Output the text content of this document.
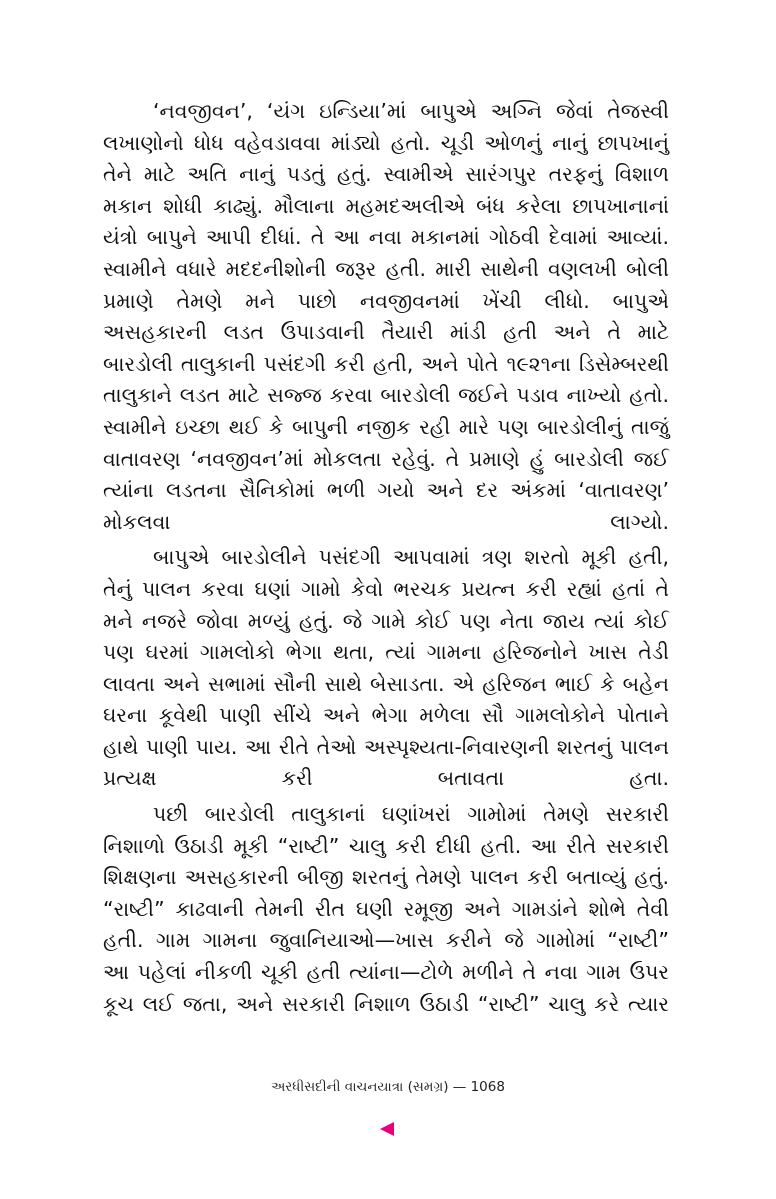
‘નવજીવન’, ‘યંગ ઇન્ડિયા’માં બાપુએ અગ્નિ જેવાં તેજસ્વી લખાણોનો ધોધ વહેવડાવવા માંડ્યો હતો. ચૂડી ઓળનું નાનું છાપખાનું તેને માટે અતિ નાનું પડતું હતું. સ્વામીએ સારંગપુર તરફનું વિશાળ મકાન શોધી કાઢ્યું. મૌલાના મહમદઅલીએ બંધ કરેલા છાપખાનાનાં યંત્રો બાપુને આપી દીધાં. તે આ નવા મકાનમાં ગોઠવી દેવામાં આવ્યાં. સ્વામીને વધારે મદદનીશોની જરૂર હતી. મારી સાથેની વણલખી બોલી પ્રમાણે તેમણે મને પાછો નવજીવનમાં ખેંચી લીધો. બાપુએ અસહકારની લડત ઉપાડવાની તૈયારી માંડી હતી અને તે માટે બારડોલી તાલુકાની પસંદગી કરી હતી, અને પોતે ૧૯૨૧ના ડિસેમ્બરથી તાલુકાને લડત માટે સજ્જ કરવા બારડોલી જઈને પડાવ નાખ્યો હતો. સ્વામીને ઇચ્છા થઈ કે બાપુની નજીક રહી મારે પણ બારડોલીનું તાજું વાતાવરણ ‘નવજીવન’માં મોકલતા રહેવું. તે પ્રમાણે હું બારડોલી જઈ ત્યાંના લડતના સૈનિકોમાં ભળી ગયો અને દર અંકમાં ‘વાતાવરણ’ મોકલવા લાગ્યો.

બાપુએ બારડોલીને પસંદગી આપવામાં ત્રણ શરતો મૂકી હતી, તેનું પાલન કરવા ઘણાં ગામો કેવો ભરચક પ્રયત્ન કરી રહ્યાં હતાં તે મને નજરે જોવા મળ્યું હતું. જે ગામે કોઈ પણ નેતા જાય ત્યાં કોઈ પણ ઘરમાં ગામલોકો ભેગા થતા, ત્યાં ગામના હરિજનોને ખાસ તેડી લાવતા અને સભામાં સૌની સાથે બેસાડતા. એ હરિજન ભાઈ કે બહેન ઘરના કૂવેથી પાણી સીંચે અને ભેગા મળેલા સૌ ગામલોકોને પોતાને હાથે પાણી પાય. આ રીતે તેઓ અસ્પૃશ્યતા-નિવારણની શરતનું પાલન પ્રત્યક્ષ કરી બતાવતા હતા.

પછી બારડોલી તાલુકાનાં ઘણાંખરાં ગામોમાં તેમણે સરકારી નિશાળો ઉઠાડી મૂકી “રાષ્ટી” ચાલુ કરી દીધી હતી. આ રીતે સરકારી શિક્ષણના અસહકારની બીજી શરતનું તેમણે પાલન કરી બતાવ્યું હતું. “રાષ્ટી” કાઢવાની તેમની રીત ઘણી રમૂજી અને ગામડાંને શોભે તેવી હતી. ગામ ગામના જુવાનિયાઓ—ખાસ કરીને જે ગામોમાં “રાષ્ટી” આ પહેલાં નીકળી ચૂકી હતી ત્યાંના—ટોળે મળીને તે નવા ગામ ઉપર કૂચ લઈ જતા, અને સરકારી નિશાળ ઉઠાડી “રાષ્ટી” ચાલુ કરે ત્યાર

અરધીસદીની વાચનયાત્રા (સમગ્ર) — 1068
